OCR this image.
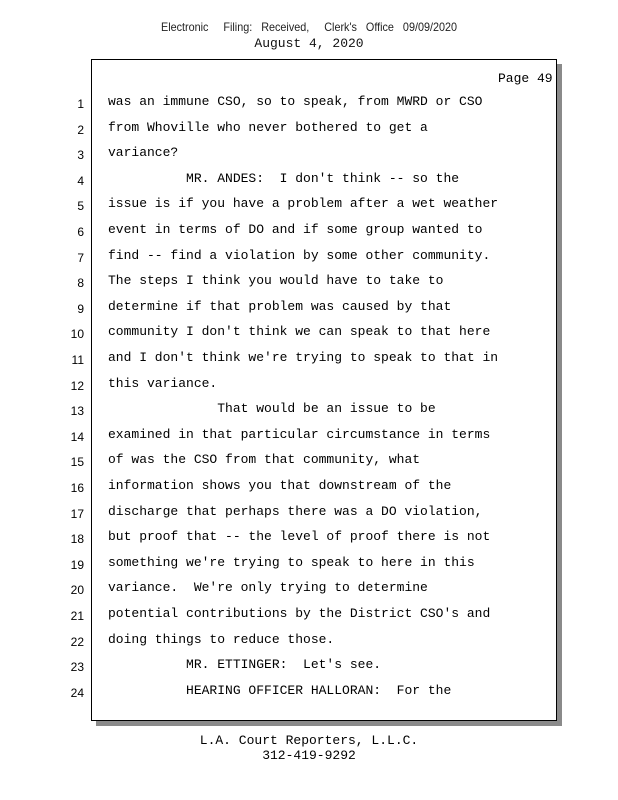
Electronic     Filing:   Received,     Clerk's   Office   09/09/2020
August 4, 2020
Page 49
1 was an immune CSO, so to speak, from MWRD or CSO
2 from Whoville who never bothered to get a
3 variance?
4 MR. ANDES:  I don't think -- so the
5 issue is if you have a problem after a wet weather
6 event in terms of DO and if some group wanted to
7 find -- find a violation by some other community.
8 The steps I think you would have to take to
9 determine if that problem was caused by that
10 community I don't think we can speak to that here
11 and I don't think we're trying to speak to that in
12 this variance.
13 That would be an issue to be
14 examined in that particular circumstance in terms
15 of was the CSO from that community, what
16 information shows you that downstream of the
17 discharge that perhaps there was a DO violation,
18 but proof that -- the level of proof there is not
19 something we're trying to speak to here in this
20 variance.  We're only trying to determine
21 potential contributions by the District CSO's and
22 doing things to reduce those.
23 MR. ETTINGER:  Let's see.
24 HEARING OFFICER HALLORAN:  For the
L.A. Court Reporters, L.L.C.
312-419-9292
